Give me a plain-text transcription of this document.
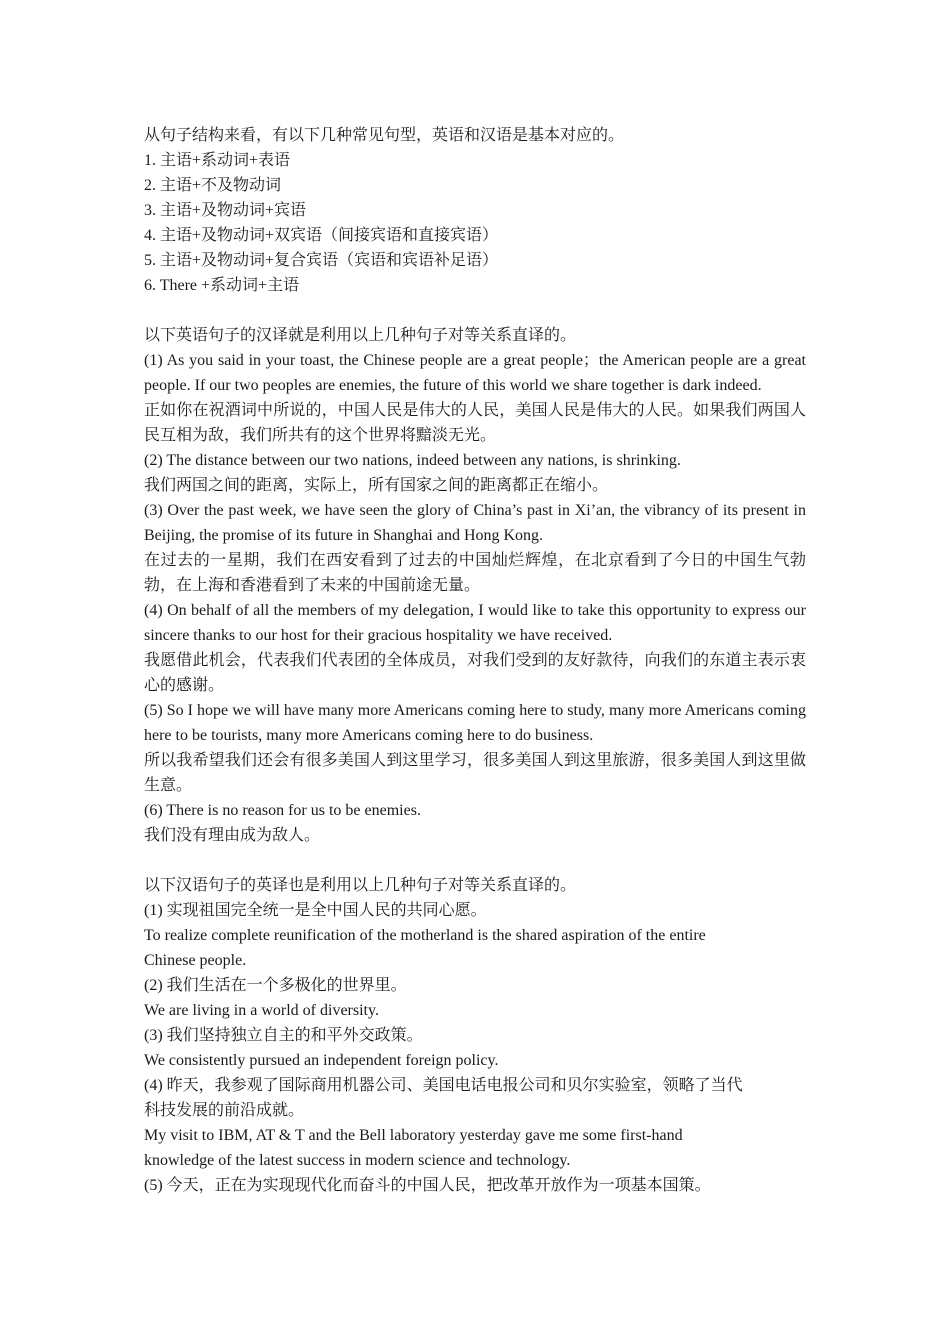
从句子结构来看，有以下几种常见句型，英语和汉语是基本对应的。
1. 主语+系动词+表语
2. 主语+不及物动词
3. 主语+及物动词+宾语
4. 主语+及物动词+双宾语（间接宾语和直接宾语）
5. 主语+及物动词+复合宾语（宾语和宾语补足语）
6. There +系动词+主语
以下英语句子的汉译就是利用以上几种句子对等关系直译的。
(1) As you said in your toast, the Chinese people are a great people；the American people are a great people. If our two peoples are enemies, the future of this world we share together is dark indeed.
正如你在祝酒词中所说的，中国人民是伟大的人民，美国人民是伟大的人民。如果我们两国人民互相为敌，我们所共有的这个世界将黯淡无光。
(2) The distance between our two nations, indeed between any nations, is shrinking.
我们两国之间的距离，实际上，所有国家之间的距离都正在缩小。
(3) Over the past week, we have seen the glory of China’s past in Xi’an, the vibrancy of its present in Beijing, the promise of its future in Shanghai and Hong Kong.
在过去的一星期，我们在西安看到了过去的中国灿烂辉煌，在北京看到了今日的中国生气勃勃，在上海和香港看到了未来的中国前途无量。
(4) On behalf of all the members of my delegation, I would like to take this opportunity to express our sincere thanks to our host for their gracious hospitality we have received.
我愿借此机会，代表我们代表团的全体成员，对我们受到的友好款待，向我们的东道主表示衷心的感谢。
(5) So I hope we will have many more Americans coming here to study, many more Americans coming here to be tourists, many more Americans coming here to do business.
所以我希望我们还会有很多美国人到这里学习，很多美国人到这里旅游，很多美国人到这里做生意。
(6) There is no reason for us to be enemies.
我们没有理由成为敌人。
以下汉语句子的英译也是利用以上几种句子对等关系直译的。
(1) 实现祖国完全统一是全中国人民的共同心愿。
To realize complete reunification of the motherland is the shared aspiration of the entire
Chinese people.
(2) 我们生活在一个多极化的世界里。
We are living in a world of diversity.
(3) 我们坚持独立自主的和平外交政策。
We consistently pursued an independent foreign policy.
(4) 昨天，我参观了国际商用机器公司、美国电话电报公司和贝尔实验室，领略了当代
科技发展的前沿成就。
My visit to IBM, AT & T and the Bell laboratory yesterday gave me some first-hand
knowledge of the latest success in modern science and technology.
(5) 今天，正在为实现现代化而奋斗的中国人民，把改革开放作为一项基本国策。
